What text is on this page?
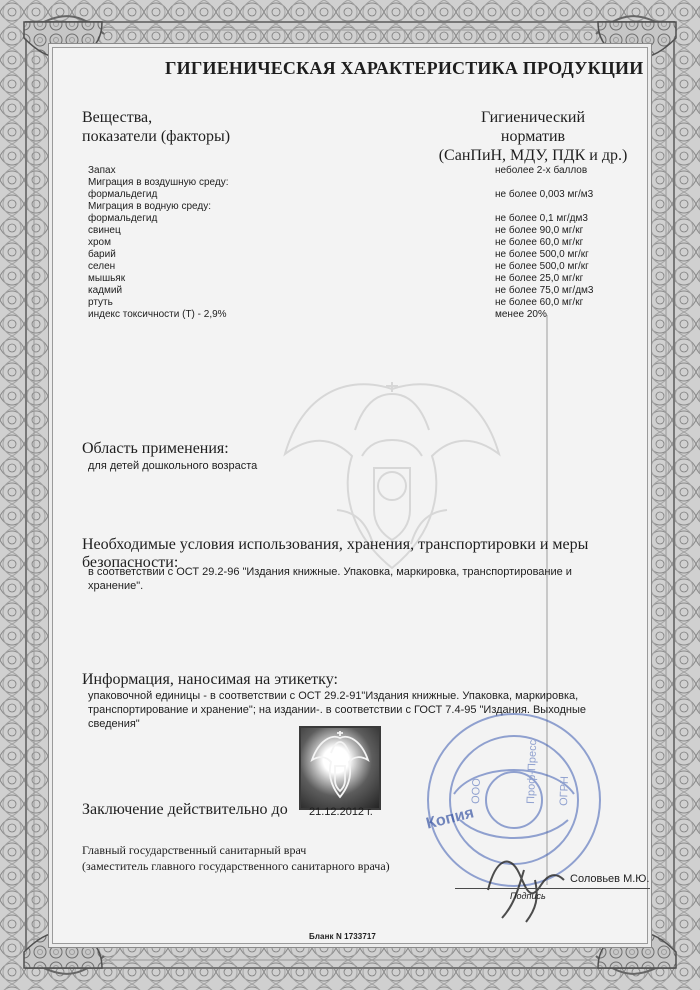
ГИГИЕНИЧЕСКАЯ ХАРАКТЕРИСТИКА ПРОДУКЦИИ
Вещества,
показатели (факторы)
Гигиенический
норматив
(СанПиН, МДУ, ПДК и др.)
Запах	неболее 2-х баллов
Миграция в воздушную среду:
формальдегид	не более 0,003 мг/м3
Миграция в водную среду:
формальдегид	не более 0,1 мг/дм3
свинец	не более 90,0 мг/кг
хром	не более 60,0 мг/кг
барий	не более 500,0 мг/кг
селен	не более 500,0 мг/кг
мышьяк	не более 25,0 мг/кг
кадмий	не более 75,0 мг/дм3
ртуть	не более 60,0 мг/кг
индекс токсичности (Т) - 2,9%	менее 20%
Область применения:
для детей дошкольного возраста
Необходимые условия использования, хранения, транспортировки и меры безопасности:
в соответствии с ОСТ 29.2-96 "Издания книжные. Упаковка, маркировка, транспортирование и
хранение".
Информация, наносимая на этикетку:
упаковочной единицы - в соответствии с ОСТ 29.2-91"Издания книжные. Упаковка, маркировка,
транспортирование и хранение"; на издании-. в соответствии с ГОСТ 7.4-95 "Издания. Выходные
сведения"
Заключение действительно до 21.12.2012 г.
Главный государственный санитарный врач
(заместитель главного государственного санитарного врача)
ООО	Проф-Пресс ОГРН
Копия
Соловьев М.Ю.
Подпись
Бланк N 1733717
